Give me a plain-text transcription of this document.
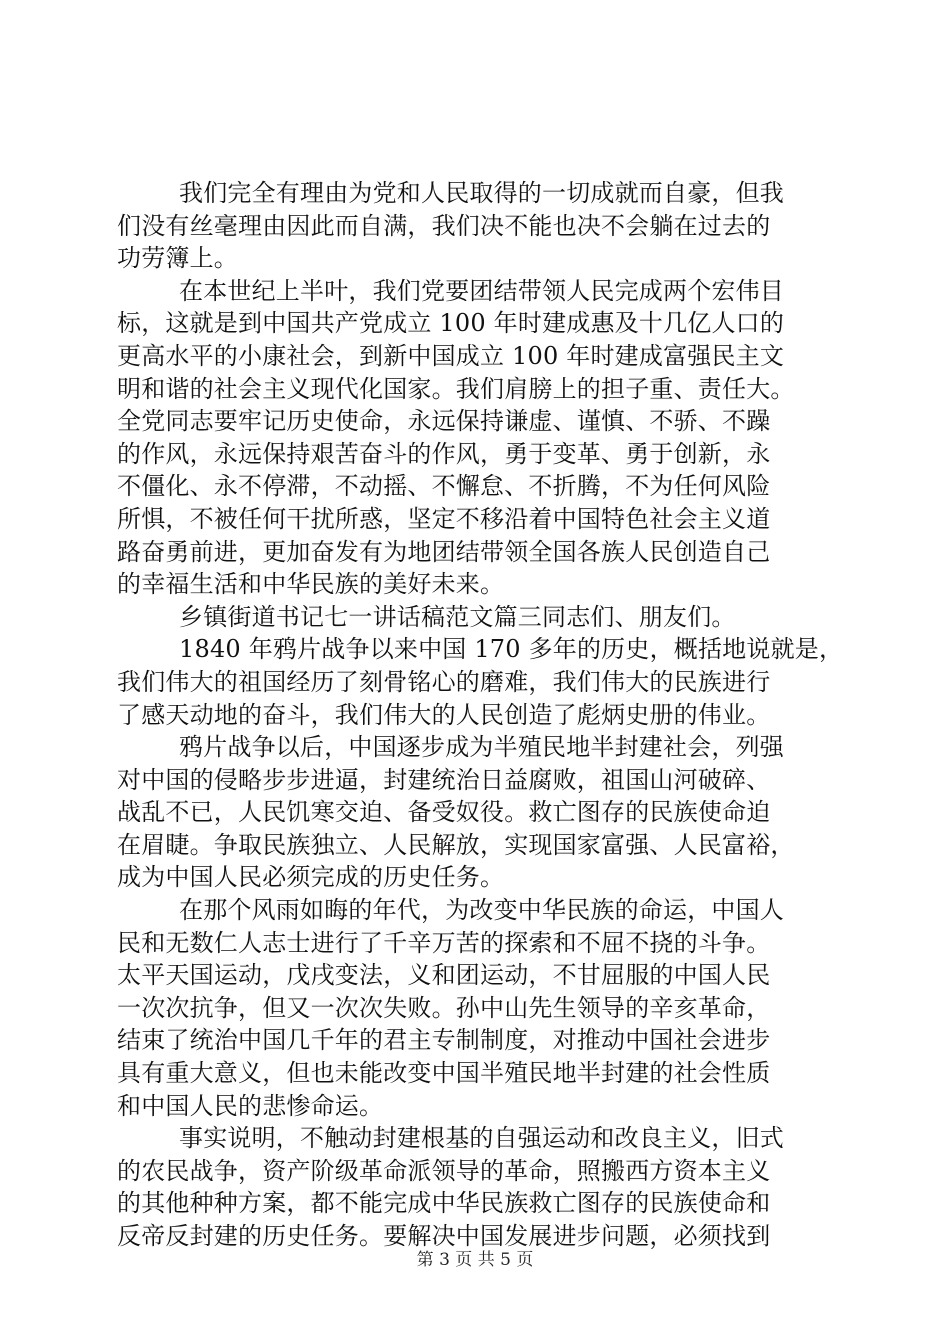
我们完全有理由为党和人民取得的一切成就而自豪，但我
们没有丝毫理由因此而自满，我们决不能也决不会躺在过去的
功劳簿上。
在本世纪上半叶，我们党要团结带领人民完成两个宏伟目
标，这就是到中国共产党成立 100 年时建成惠及十几亿人口的
更高水平的小康社会，到新中国成立 100 年时建成富强民主文
明和谐的社会主义现代化国家。我们肩膀上的担子重、责任大。
全党同志要牢记历史使命，永远保持谦虚、谨慎、不骄、不躁
的作风，永远保持艰苦奋斗的作风，勇于变革、勇于创新，永
不僵化、永不停滞，不动摇、不懈怠、不折腾，不为任何风险
所惧，不被任何干扰所惑，坚定不移沿着中国特色社会主义道
路奋勇前进，更加奋发有为地团结带领全国各族人民创造自己
的幸福生活和中华民族的美好未来。
乡镇街道书记七一讲话稿范文篇三同志们、朋友们。
1840 年鸦片战争以来中国 170 多年的历史，概括地说就是，
我们伟大的祖国经历了刻骨铭心的磨难，我们伟大的民族进行
了感天动地的奋斗，我们伟大的人民创造了彪炳史册的伟业。
鸦片战争以后，中国逐步成为半殖民地半封建社会，列强
对中国的侵略步步进逼，封建统治日益腐败，祖国山河破碎、
战乱不已，人民饥寒交迫、备受奴役。救亡图存的民族使命迫
在眉睫。争取民族独立、人民解放，实现国家富强、人民富裕，
成为中国人民必须完成的历史任务。
在那个风雨如晦的年代，为改变中华民族的命运，中国人
民和无数仁人志士进行了千辛万苦的探索和不屈不挠的斗争。
太平天国运动，戊戌变法，义和团运动，不甘屈服的中国人民
一次次抗争，但又一次次失败。孙中山先生领导的辛亥革命，
结束了统治中国几千年的君主专制制度，对推动中国社会进步
具有重大意义，但也未能改变中国半殖民地半封建的社会性质
和中国人民的悲惨命运。
事实说明，不触动封建根基的自强运动和改良主义，旧式
的农民战争，资产阶级革命派领导的革命，照搬西方资本主义
的其他种种方案，都不能完成中华民族救亡图存的民族使命和
反帝反封建的历史任务。要解决中国发展进步问题，必须找到
第 3 页 共 5 页
